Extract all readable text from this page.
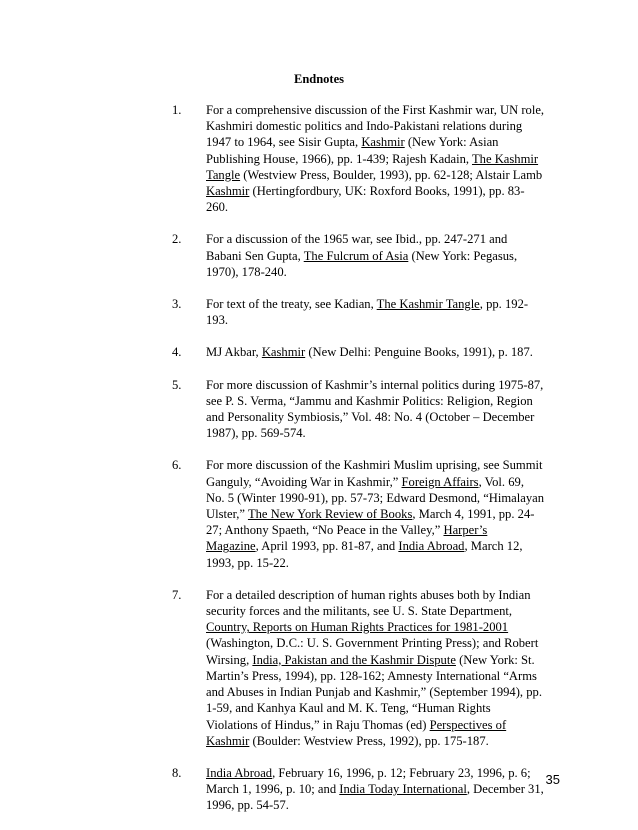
Endnotes
1. For a comprehensive discussion of the First Kashmir war, UN role,
Kashmiri domestic politics and Indo-Pakistani relations during
1947 to 1964, see Sisir Gupta, Kashmir (New York: Asian
Publishing House, 1966), pp. 1-439; Rajesh Kadain, The Kashmir
Tangle (Westview Press, Boulder, 1993), pp. 62-128; Alstair Lamb
Kashmir (Hertingfordbury, UK: Roxford Books, 1991), pp. 83-
260.
2. For a discussion of the 1965 war, see Ibid., pp. 247-271 and
Babani Sen Gupta, The Fulcrum of Asia (New York: Pegasus,
1970), 178-240.
3. For text of the treaty, see Kadian, The Kashmir Tangle, pp. 192-
193.
4. MJ Akbar, Kashmir (New Delhi: Penguine Books, 1991), p. 187.
5. For more discussion of Kashmir’s internal politics during 1975-87,
see P. S. Verma, “Jammu and Kashmir Politics: Religion, Region
and Personality Symbiosis,” Vol. 48: No. 4 (October – December
1987), pp. 569-574.
6. For more discussion of the Kashmiri Muslim uprising, see Summit
Ganguly, “Avoiding War in Kashmir,” Foreign Affairs, Vol. 69,
No. 5 (Winter 1990-91), pp. 57-73; Edward Desmond, “Himalayan
Ulster,” The New York Review of Books, March 4, 1991, pp. 24-
27; Anthony Spaeth, “No Peace in the Valley,” Harper’s
Magazine, April 1993, pp. 81-87, and India Abroad, March 12,
1993, pp. 15-22.
7. For a detailed description of human rights abuses both by Indian
security forces and the militants, see U. S. State Department,
Country, Reports on Human Rights Practices for 1981-2001
(Washington, D.C.: U. S. Government Printing Press); and Robert
Wirsing, India, Pakistan and the Kashmir Dispute (New York: St.
Martin’s Press, 1994), pp. 128-162; Amnesty International “Arms
and Abuses in Indian Punjab and Kashmir,” (September 1994), pp.
1-59, and Kanhya Kaul and M. K. Teng, “Human Rights
Violations of Hindus,” in Raju Thomas (ed) Perspectives of
Kashmir (Boulder: Westview Press, 1992), pp. 175-187.
8. India Abroad, February 16, 1996, p. 12; February 23, 1996, p. 6;
March 1, 1996, p. 10; and India Today International, December 31,
1996, pp. 54-57.
35
